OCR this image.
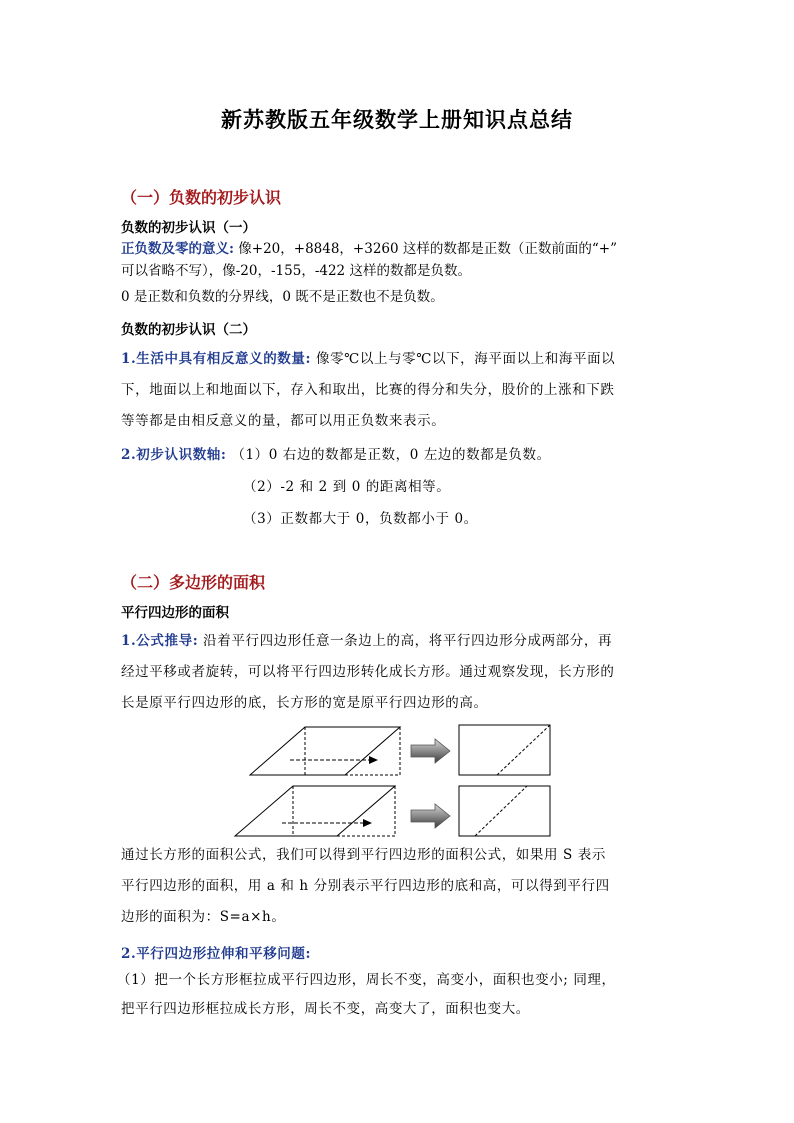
新苏教版五年级数学上册知识点总结
（一）负数的初步认识
负数的初步认识（一）
正负数及零的意义: 像+20，+8848，+3260 这样的数都是正数（正数前面的“+”
可以省略不写），像-20，-155，-422 这样的数都是负数。
0 是正数和负数的分界线，0 既不是正数也不是负数。
负数的初步认识（二）
1.生活中具有相反意义的数量: 像零℃以上与零℃以下，海平面以上和海平面以
下，地面以上和地面以下，存入和取出，比赛的得分和失分，股价的上涨和下跌
等等都是由相反意义的量，都可以用正负数来表示。
2.初步认识数轴: （1）0 右边的数都是正数，0 左边的数都是负数。
（2）-2 和 2 到 0 的距离相等。
（3）正数都大于 0，负数都小于 0。
（二）多边形的面积
平行四边形的面积
1.公式推导: 沿着平行四边形任意一条边上的高，将平行四边形分成两部分，再
经过平移或者旋转，可以将平行四边形转化成长方形。通过观察发现，长方形的
长是原平行四边形的底，长方形的宽是原平行四边形的高。
通过长方形的面积公式，我们可以得到平行四边形的面积公式，如果用 S 表示
平行四边形的面积，用 a 和 h 分别表示平行四边形的底和高，可以得到平行四
边形的面积为：S=a×h。
2.平行四边形拉伸和平移问题:
（1）把一个长方形框拉成平行四边形，周长不变，高变小，面积也变小; 同理，
把平行四边形框拉成长方形，周长不变，高变大了，面积也变大。
